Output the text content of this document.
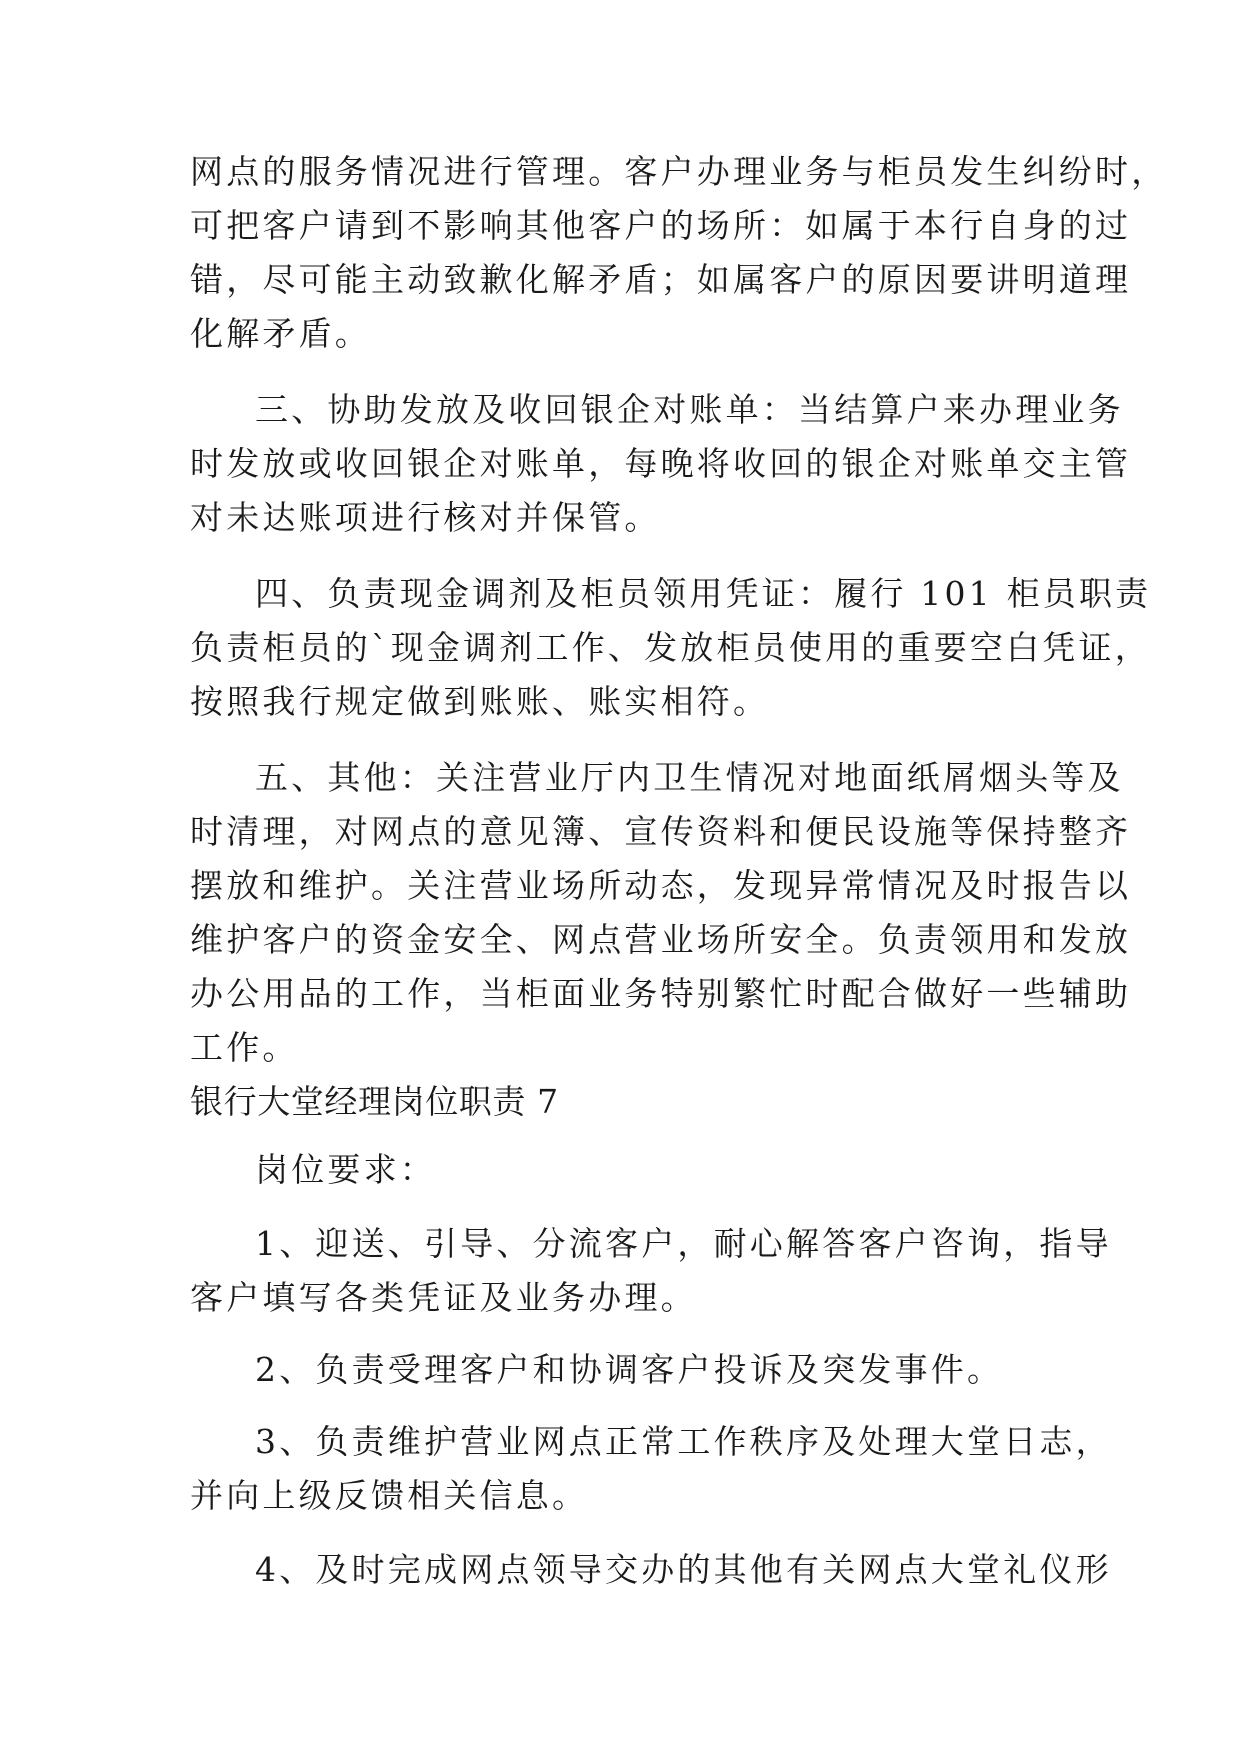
网点的服务情况进行管理。客户办理业务与柜员发生纠纷时，
可把客户请到不影响其他客户的场所：如属于本行自身的过
错，尽可能主动致歉化解矛盾；如属客户的原因要讲明道理
化解矛盾。
三、协助发放及收回银企对账单：当结算户来办理业务
时发放或收回银企对账单，每晚将收回的银企对账单交主管
对未达账项进行核对并保管。
四、负责现金调剂及柜员领用凭证：履行 101 柜员职责
负责柜员的`现金调剂工作、发放柜员使用的重要空白凭证，
按照我行规定做到账账、账实相符。
五、其他：关注营业厅内卫生情况对地面纸屑烟头等及
时清理，对网点的意见簿、宣传资料和便民设施等保持整齐
摆放和维护。关注营业场所动态，发现异常情况及时报告以
维护客户的资金安全、网点营业场所安全。负责领用和发放
办公用品的工作，当柜面业务特别繁忙时配合做好一些辅助
工作。
银行大堂经理岗位职责 7
岗位要求：
1、迎送、引导、分流客户，耐心解答客户咨询，指导
客户填写各类凭证及业务办理。
2、负责受理客户和协调客户投诉及突发事件。
3、负责维护营业网点正常工作秩序及处理大堂日志，
并向上级反馈相关信息。
4、及时完成网点领导交办的其他有关网点大堂礼仪形
